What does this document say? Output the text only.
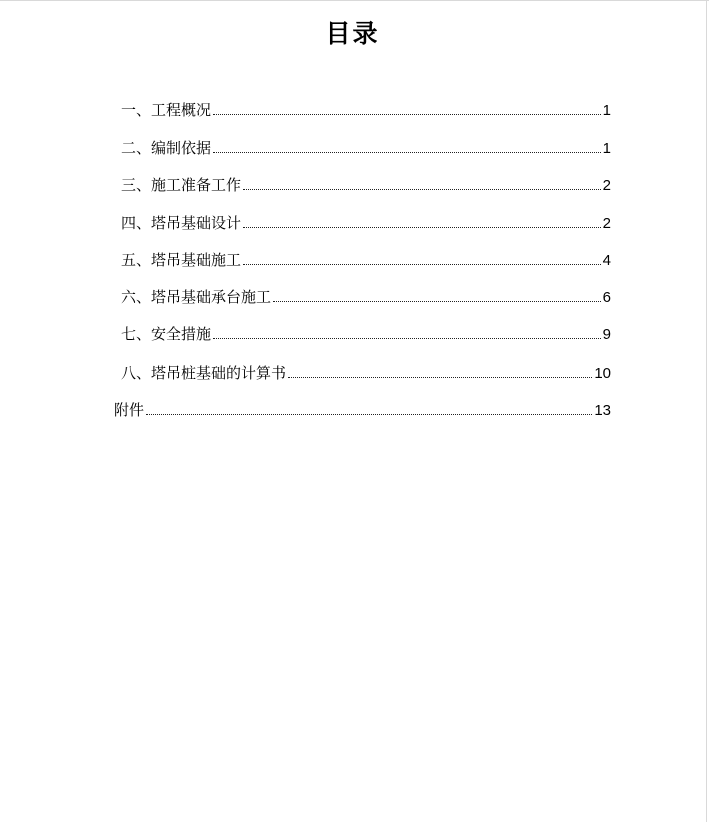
目录
一、工程概况	1
二、编制依据	1
三、施工准备工作	2
四、塔吊基础设计	2
五、塔吊基础施工	4
六、塔吊基础承台施工	6
七、安全措施	9
八、塔吊桩基础的计算书	10
附件	13
